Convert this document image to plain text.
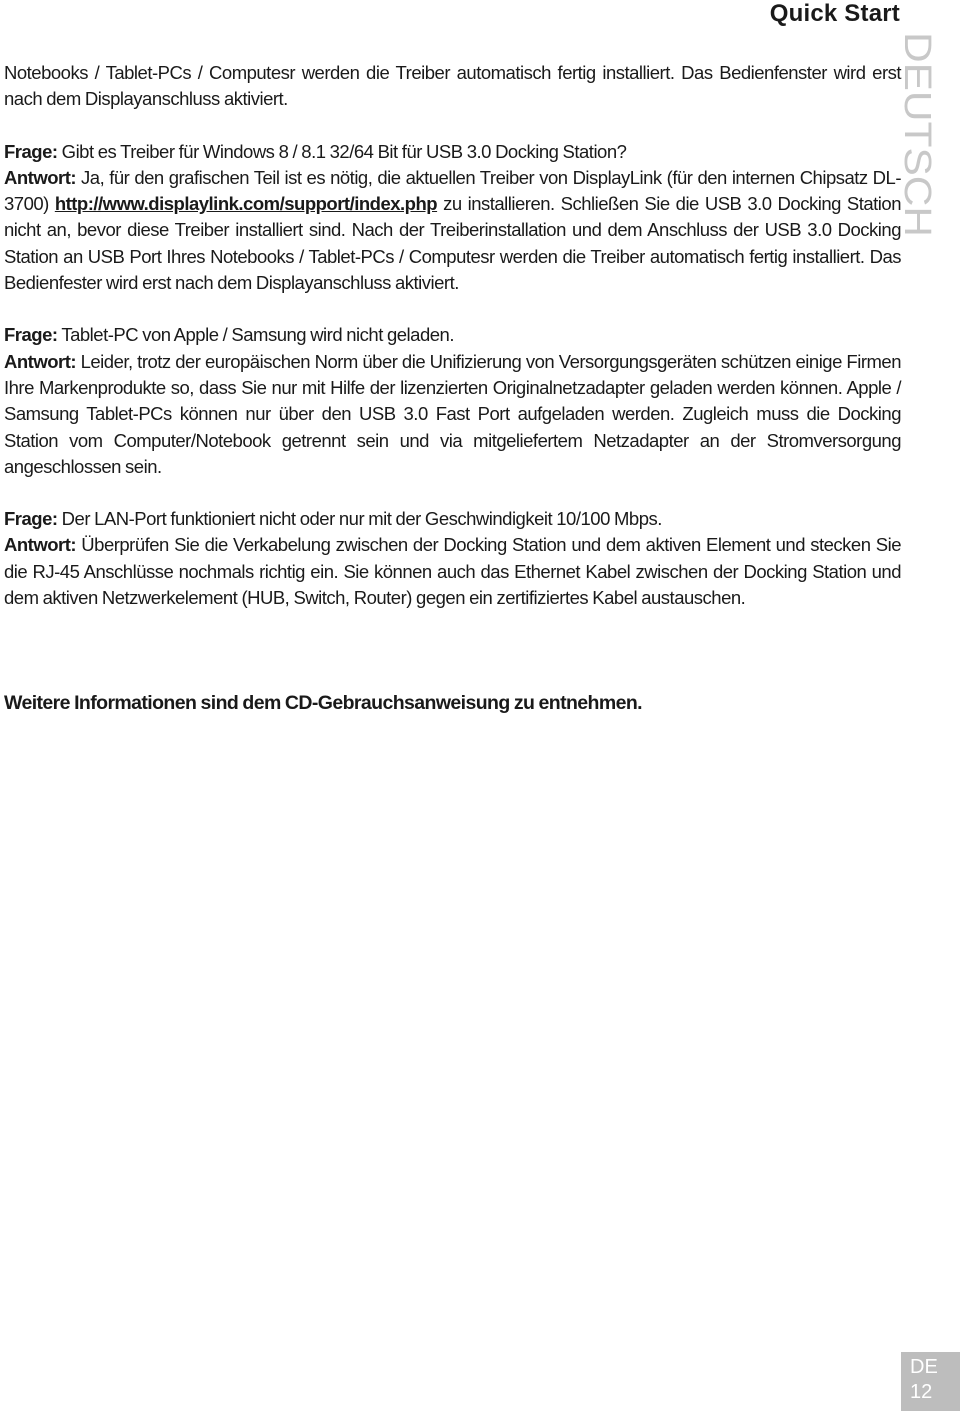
Quick Start
DEUTSCH

Notebooks / Tablet-PCs / Computesr werden die Treiber automatisch fertig installiert. Das Bedienfenster wird erst nach dem Displayanschluss aktiviert.

Frage: Gibt es Treiber für Windows 8 / 8.1 32/64 Bit für USB 3.0 Docking Station?

Antwort: Ja, für den grafischen Teil ist es nötig, die aktuellen Treiber von DisplayLink (für den internen Chipsatz DL-3700) http://www.displaylink.com/support/index.php zu installieren. Schließen Sie die USB 3.0 Docking Station nicht an, bevor diese Treiber installiert sind. Nach der Treiberinstallation und dem Anschluss der USB 3.0 Docking Station an USB Port Ihres Notebooks / Tablet-PCs / Computesr werden die Treiber automatisch fertig installiert. Das Bedienfester wird erst nach dem Displayanschluss aktiviert.

Frage: Tablet-PC von Apple / Samsung wird nicht geladen.

Antwort: Leider, trotz der europäischen Norm über die Unifizierung von Versorgungsgeräten schützen einige Firmen Ihre Markenprodukte so, dass Sie nur mit Hilfe der lizenzierten Originalnetzadapter geladen werden können. Apple / Samsung Tablet-PCs können nur über den USB 3.0 Fast Port aufgeladen werden. Zugleich muss die Docking Station vom Computer/Notebook getrennt sein und via mitgeliefertem Netzadapter an der Stromversorgung angeschlossen sein.

Frage: Der LAN-Port funktioniert nicht oder nur mit der Geschwindigkeit 10/100 Mbps.

Antwort: Überprüfen Sie die Verkabelung zwischen der Docking Station und dem aktiven Element und stecken Sie die RJ-45 Anschlüsse nochmals richtig ein. Sie können auch das Ethernet Kabel zwischen der Docking Station und dem aktiven Netzwerkelement (HUB, Switch, Router) gegen ein zertifiziertes Kabel austauschen.

Weitere Informationen sind dem CD-Gebrauchsanweisung zu entnehmen.
DE
12
